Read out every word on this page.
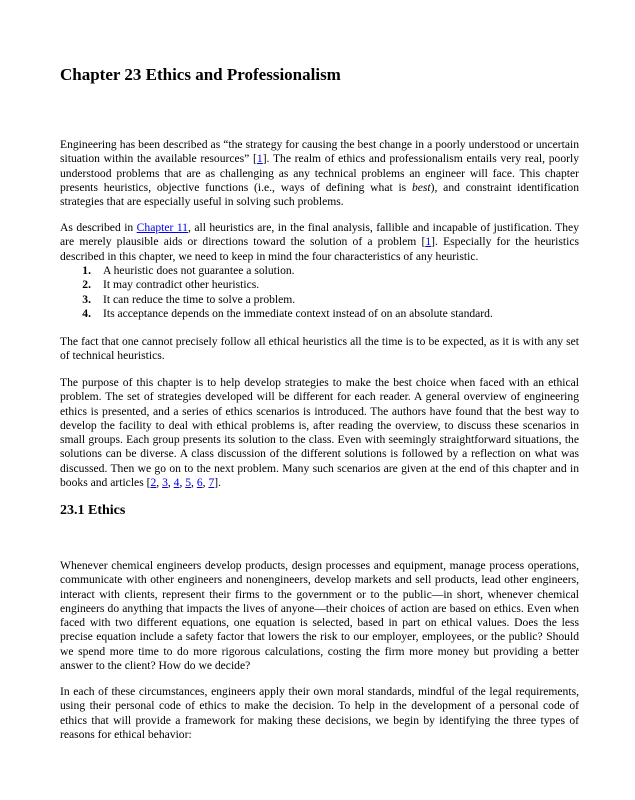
Chapter 23 Ethics and Professionalism

Engineering has been described as “the strategy for causing the best change in a poorly understood or uncertain situation within the available resources” [1]. The realm of ethics and professionalism entails very real, poorly understood problems that are as challenging as any technical problems an engineer will face. This chapter presents heuristics, objective functions (i.e., ways of defining what is best), and constraint identification strategies that are especially useful in solving such problems.

As described in Chapter 11, all heuristics are, in the final analysis, fallible and incapable of justification. They are merely plausible aids or directions toward the solution of a problem [1]. Especially for the heuristics described in this chapter, we need to keep in mind the four characteristics of any heuristic.

1.	A heuristic does not guarantee a solution.
2.	It may contradict other heuristics.
3.	It can reduce the time to solve a problem.
4.	Its acceptance depends on the immediate context instead of on an absolute standard.

The fact that one cannot precisely follow all ethical heuristics all the time is to be expected, as it is with any set of technical heuristics.

The purpose of this chapter is to help develop strategies to make the best choice when faced with an ethical problem. The set of strategies developed will be different for each reader. A general overview of engineering ethics is presented, and a series of ethics scenarios is introduced. The authors have found that the best way to develop the facility to deal with ethical problems is, after reading the overview, to discuss these scenarios in small groups. Each group presents its solution to the class. Even with seemingly straightforward situations, the solutions can be diverse. A class discussion of the different solutions is followed by a reflection on what was discussed. Then we go on to the next problem. Many such scenarios are given at the end of this chapter and in books and articles [2, 3, 4, 5, 6, 7].

23.1 Ethics

Whenever chemical engineers develop products, design processes and equipment, manage process operations, communicate with other engineers and nonengineers, develop markets and sell products, lead other engineers, interact with clients, represent their firms to the government or to the public—in short, whenever chemical engineers do anything that impacts the lives of anyone—their choices of action are based on ethics. Even when faced with two different equations, one equation is selected, based in part on ethical values. Does the less precise equation include a safety factor that lowers the risk to our employer, employees, or the public? Should we spend more time to do more rigorous calculations, costing the firm more money but providing a better answer to the client? How do we decide?

In each of these circumstances, engineers apply their own moral standards, mindful of the legal requirements, using their personal code of ethics to make the decision. To help in the development of a personal code of ethics that will provide a framework for making these decisions, we begin by identifying the three types of reasons for ethical behavior:
